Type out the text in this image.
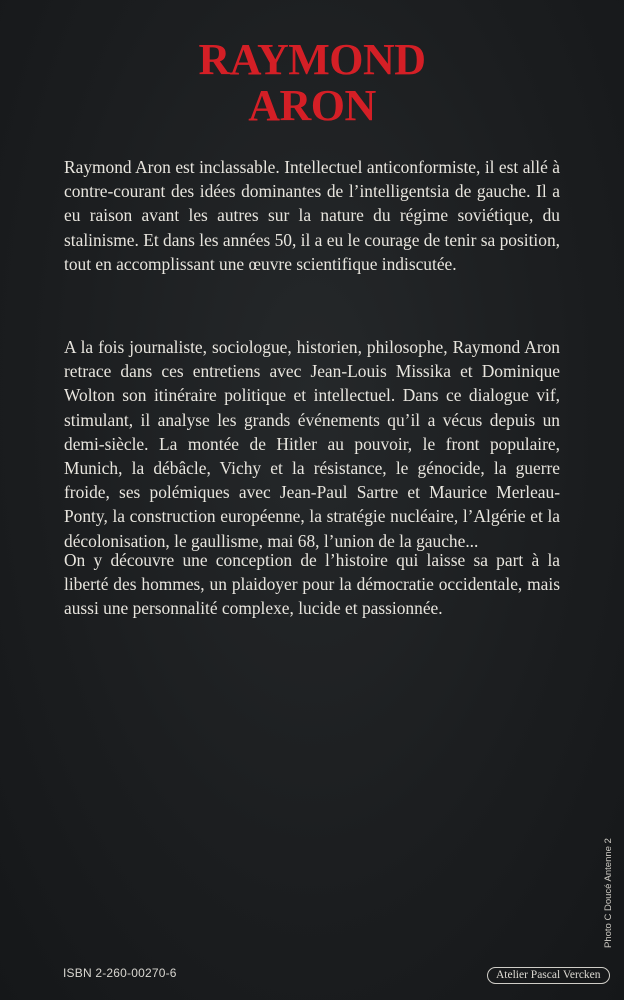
RAYMOND
ARON

Raymond Aron est inclassable. Intellectuel anticonformiste, il est allé à contre-courant des idées dominantes de l’intelligentsia de gauche. Il a eu raison avant les autres sur la nature du régime soviétique, du stalinisme. Et dans les années 50, il a eu le courage de tenir sa position, tout en accomplissant une œuvre scientifique indiscutée.

A la fois journaliste, sociologue, historien, philosophe, Raymond Aron retrace dans ces entretiens avec Jean-Louis Missika et Dominique Wolton son itinéraire politique et intellectuel. Dans ce dialogue vif, stimulant, il analyse les grands événements qu’il a vécus depuis un demi-siècle. La montée de Hitler au pouvoir, le front populaire, Munich, la débâcle, Vichy et la résistance, le génocide, la guerre froide, ses polémiques avec Jean-Paul Sartre et Maurice Merleau-Ponty, la construction européenne, la stratégie nucléaire, l’Algérie et la décolonisation, le gaullisme, mai 68, l’union de la gauche...

On y découvre une conception de l’histoire qui laisse sa part à la liberté des hommes, un plaidoyer pour la démocratie occidentale, mais aussi une personnalité complexe, lucide et passionnée.

Photo C Doucé Antenne 2
ISBN 2-260-00270-6	Atelier Pascal Vercken
